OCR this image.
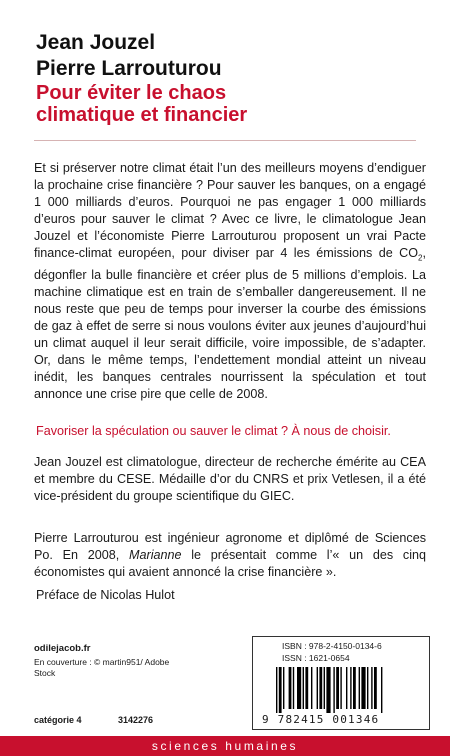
Jean Jouzel
Pierre Larrouturou
Pour éviter le chaos
climatique et financier

Et si préserver notre climat était l’un des meilleurs moyens d’endiguer la prochaine crise financière ? Pour sauver les banques, on a engagé 1 000 milliards d’euros. Pourquoi ne pas engager 1 000 milliards d’euros pour sauver le climat ? Avec ce livre, le climatologue Jean Jouzel et l’économiste Pierre Larrouturou proposent un vrai Pacte finance-climat européen, pour diviser par 4 les émissions de $CO_2$, dégonfler la bulle financière et créer plus de 5 millions d’emplois. La machine climatique est en train de s’emballer dangereusement. Il ne nous reste que peu de temps pour inverser la courbe des émissions de gaz à effet de serre si nous voulons éviter aux jeunes d’aujourd’hui un climat auquel il leur serait difficile, voire impossible, de s’adapter. Or, dans le même temps, l’endettement mondial atteint un niveau inédit, les banques centrales nourrissent la spéculation et tout annonce une crise pire que celle de 2008.

Favoriser la spéculation ou sauver le climat ? À nous de choisir.

Jean Jouzel est climatologue, directeur de recherche émérite au CEA et membre du CESE. Médaille d’or du CNRS et prix Vetlesen, il a été vice-président du groupe scientifique du GIEC.

Pierre Larrouturou est ingénieur agronome et diplômé de Sciences Po. En 2008, Marianne le présentait comme l’« un des cinq économistes qui avaient annoncé la crise financière ».

Préface de Nicolas Hulot

odilejacob.fr
En couverture : © martin951/ Adobe Stock
catégorie 4	3142276
ISBN : 978-2-4150-0134-6
ISSN : 1621-0654
9 782415 001346
sciences humaines
